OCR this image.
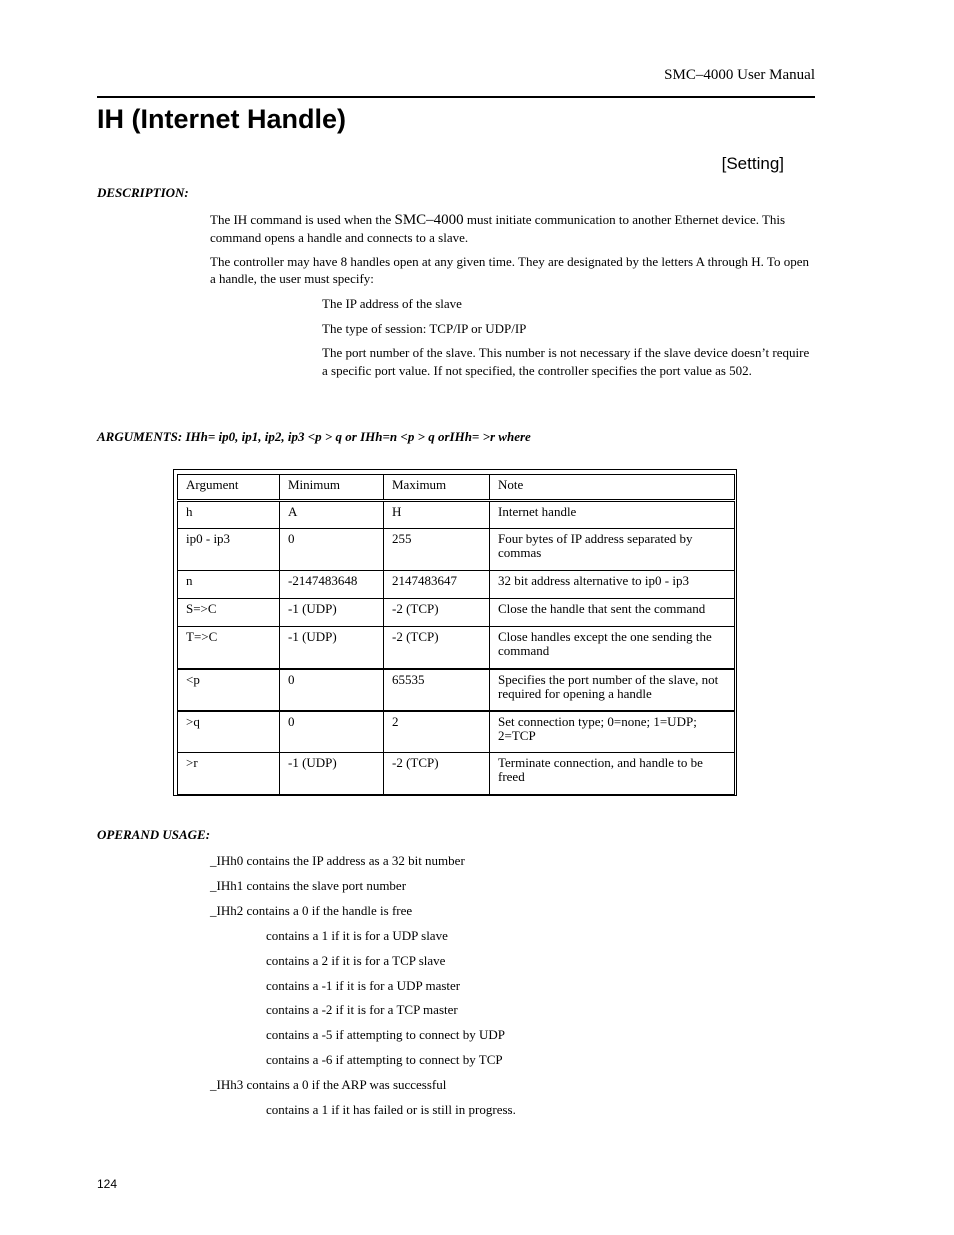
SMC–4000 User Manual
IH (Internet Handle)
[Setting]
DESCRIPTION:
The IH command is used when the SMC–4000 must initiate communication to another Ethernet device. This command opens a handle and connects to a slave.
The controller may have 8 handles open at any given time. They are designated by the letters A through H. To open a handle, the user must specify:
The IP address of the slave
The type of session: TCP/IP or UDP/IP
The port number of the slave. This number is not necessary if the slave device doesn’t require a specific port value. If not specified, the controller specifies the port value as 502.
ARGUMENTS: IHh= ip0, ip1, ip2, ip3 <p > q or IHh=n <p > q orIHh= >r where
Argument	Minimum	Maximum	Note
h	A	H	Internet handle
ip0 - ip3	0	255	Four bytes of IP address separated by commas
n	-2147483648	2147483647	32 bit address alternative to ip0 - ip3
S=>C	-1 (UDP)	-2 (TCP)	Close the handle that sent the command
T=>C	-1 (UDP)	-2 (TCP)	Close handles except the one sending the command
<p	0	65535	Specifies the port number of the slave, not required for opening a handle
>q	0	2	Set connection type; 0=none; 1=UDP; 2=TCP
>r	-1 (UDP)	-2 (TCP)	Terminate connection, and handle to be freed
OPERAND USAGE:
_IHh0 contains the IP address as a 32 bit number
_IHh1 contains the slave port number
_IHh2 contains a 0 if the handle is free
contains a 1 if it is for a UDP slave
contains a 2 if it is for a TCP slave
contains a -1 if it is for a UDP master
contains a -2 if it is for a TCP master
contains a -5 if attempting to connect by UDP
contains a -6 if attempting to connect by TCP
_IHh3 contains a 0 if the ARP was successful
contains a 1 if it has failed or is still in progress.
124
